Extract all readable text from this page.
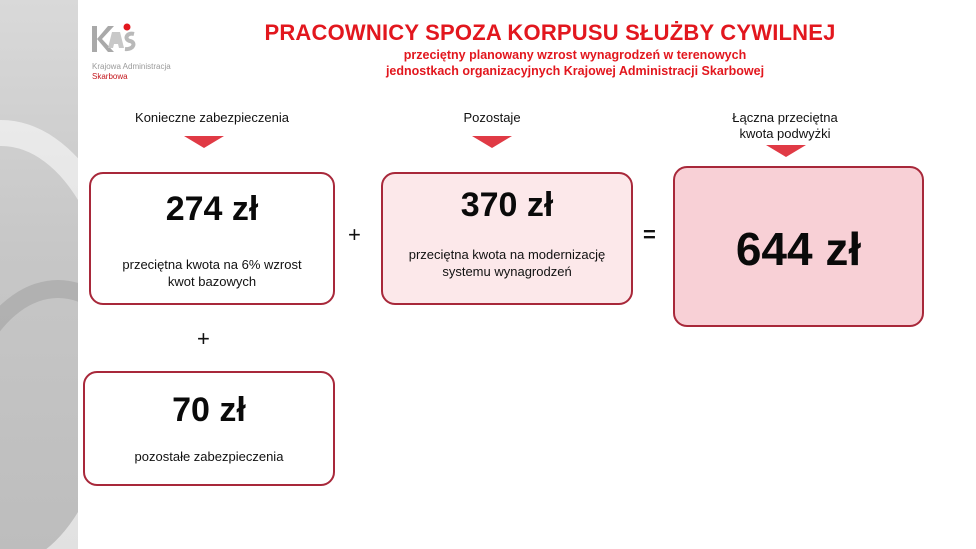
Krajowa Administracja
Skarbowa
PRACOWNICY SPOZA KORPUSU SŁUŻBY CYWILNEJ
przeciętny planowany wzrost wynagrodzeń w terenowych
jednostkach organizacyjnych Krajowej Administracji Skarbowej
Konieczne zabezpieczenia	Pozostaje	Łączna przeciętna
kwota podwyżki
274 zł
przeciętna kwota na 6% wzrost
kwot bazowych
+
370 zł
przeciętna kwota na modernizację
systemu wynagrodzeń
=	644 zł
+
70 zł
pozostałe zabezpieczenia
